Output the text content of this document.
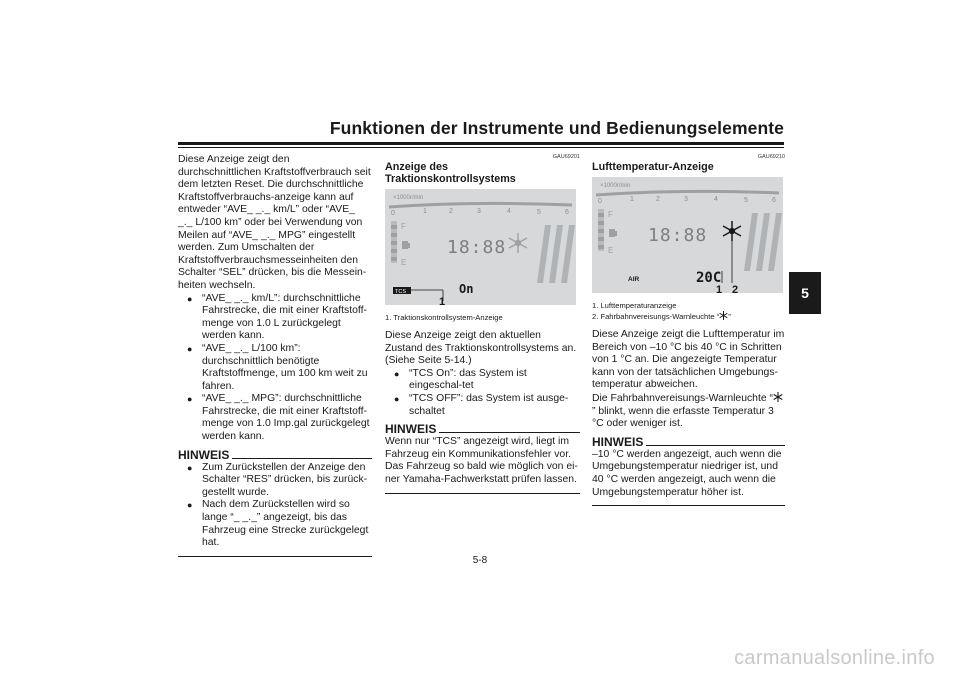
Funktionen der Instrumente und Bedienungselemente
5

Diese Anzeige zeigt den durchschnittlichen Kraftstoffverbrauch seit dem letzten Reset. Die durchschnittliche Kraftstoffverbrauchs-anzeige kann auf entweder “AVE_ _._ km/L” oder “AVE_ _._ L/100 km” oder bei Verwendung von Meilen auf “AVE_ _._ MPG” eingestellt werden. Zum Umschalten der Kraftstoffverbrauchsmesseinheiten den Schalter “SEL” drücken, bis die Messein-heiten wechseln.

● “AVE_ _._ km/L”: durchschnittliche Fahrstrecke, die mit einer Kraftstoff-menge von 1.0 L zurückgelegt werden kann.
● “AVE_ _._ L/100 km”: durchschnittlich benötigte Kraftstoffmenge, um 100 km weit zu fahren.
● “AVE_ _._ MPG”: durchschnittliche Fahrstrecke, die mit einer Kraftstoff-menge von 1.0 Imp.gal zurückgelegt werden kann.
HINWEIS
● Zum Zurückstellen der Anzeige den Schalter “RES” drücken, bis zurück-gestellt wurde.
● Nach dem Zurückstellen wird so lange “_ _._” angezeigt, bis das Fahrzeug eine Strecke zurückgelegt hat.
GAU69201
Anzeige des Traktionskontrollsystems
×1000r/min
0	1	2	3	4	5	6
F
E
18:88
TCS	On
1
1. Traktionskontrollsystem-Anzeige

Diese Anzeige zeigt den aktuellen Zustand des Traktionskontrollsystems an. (Siehe Seite 5-14.)

● “TCS On”: das System ist eingeschal-tet
● “TCS OFF”: das System ist ausge-schaltet
HINWEIS

Wenn nur “TCS” angezeigt wird, liegt im Fahrzeug ein Kommunikationsfehler vor. Das Fahrzeug so bald wie möglich von ei-ner Yamaha-Fachwerkstatt prüfen lassen.

GAU69210
Lufttemperatur-Anzeige
×1000r/min
0	1	2	3	4	5	6
F
E
18:88
AIR	20C
1 2
1. Lufttemperaturanzeige
2. Fahrbahnvereisungs-Warnleuchte “ ”

Diese Anzeige zeigt die Lufttemperatur im Bereich von –10 °C bis 40 °C in Schritten von 1 °C an. Die angezeigte Temperatur kann von der tatsächlichen Umgebungs-temperatur abweichen.

Die Fahrbahnvereisungs-Warnleuchte “” blinkt, wenn die erfasste Temperatur 3 °C oder weniger ist.

HINWEIS

–10 °C werden angezeigt, auch wenn die Umgebungstemperatur niedriger ist, und 40 °C werden angezeigt, auch wenn die Umgebungstemperatur höher ist.

5-8
carmanualsonline.info
